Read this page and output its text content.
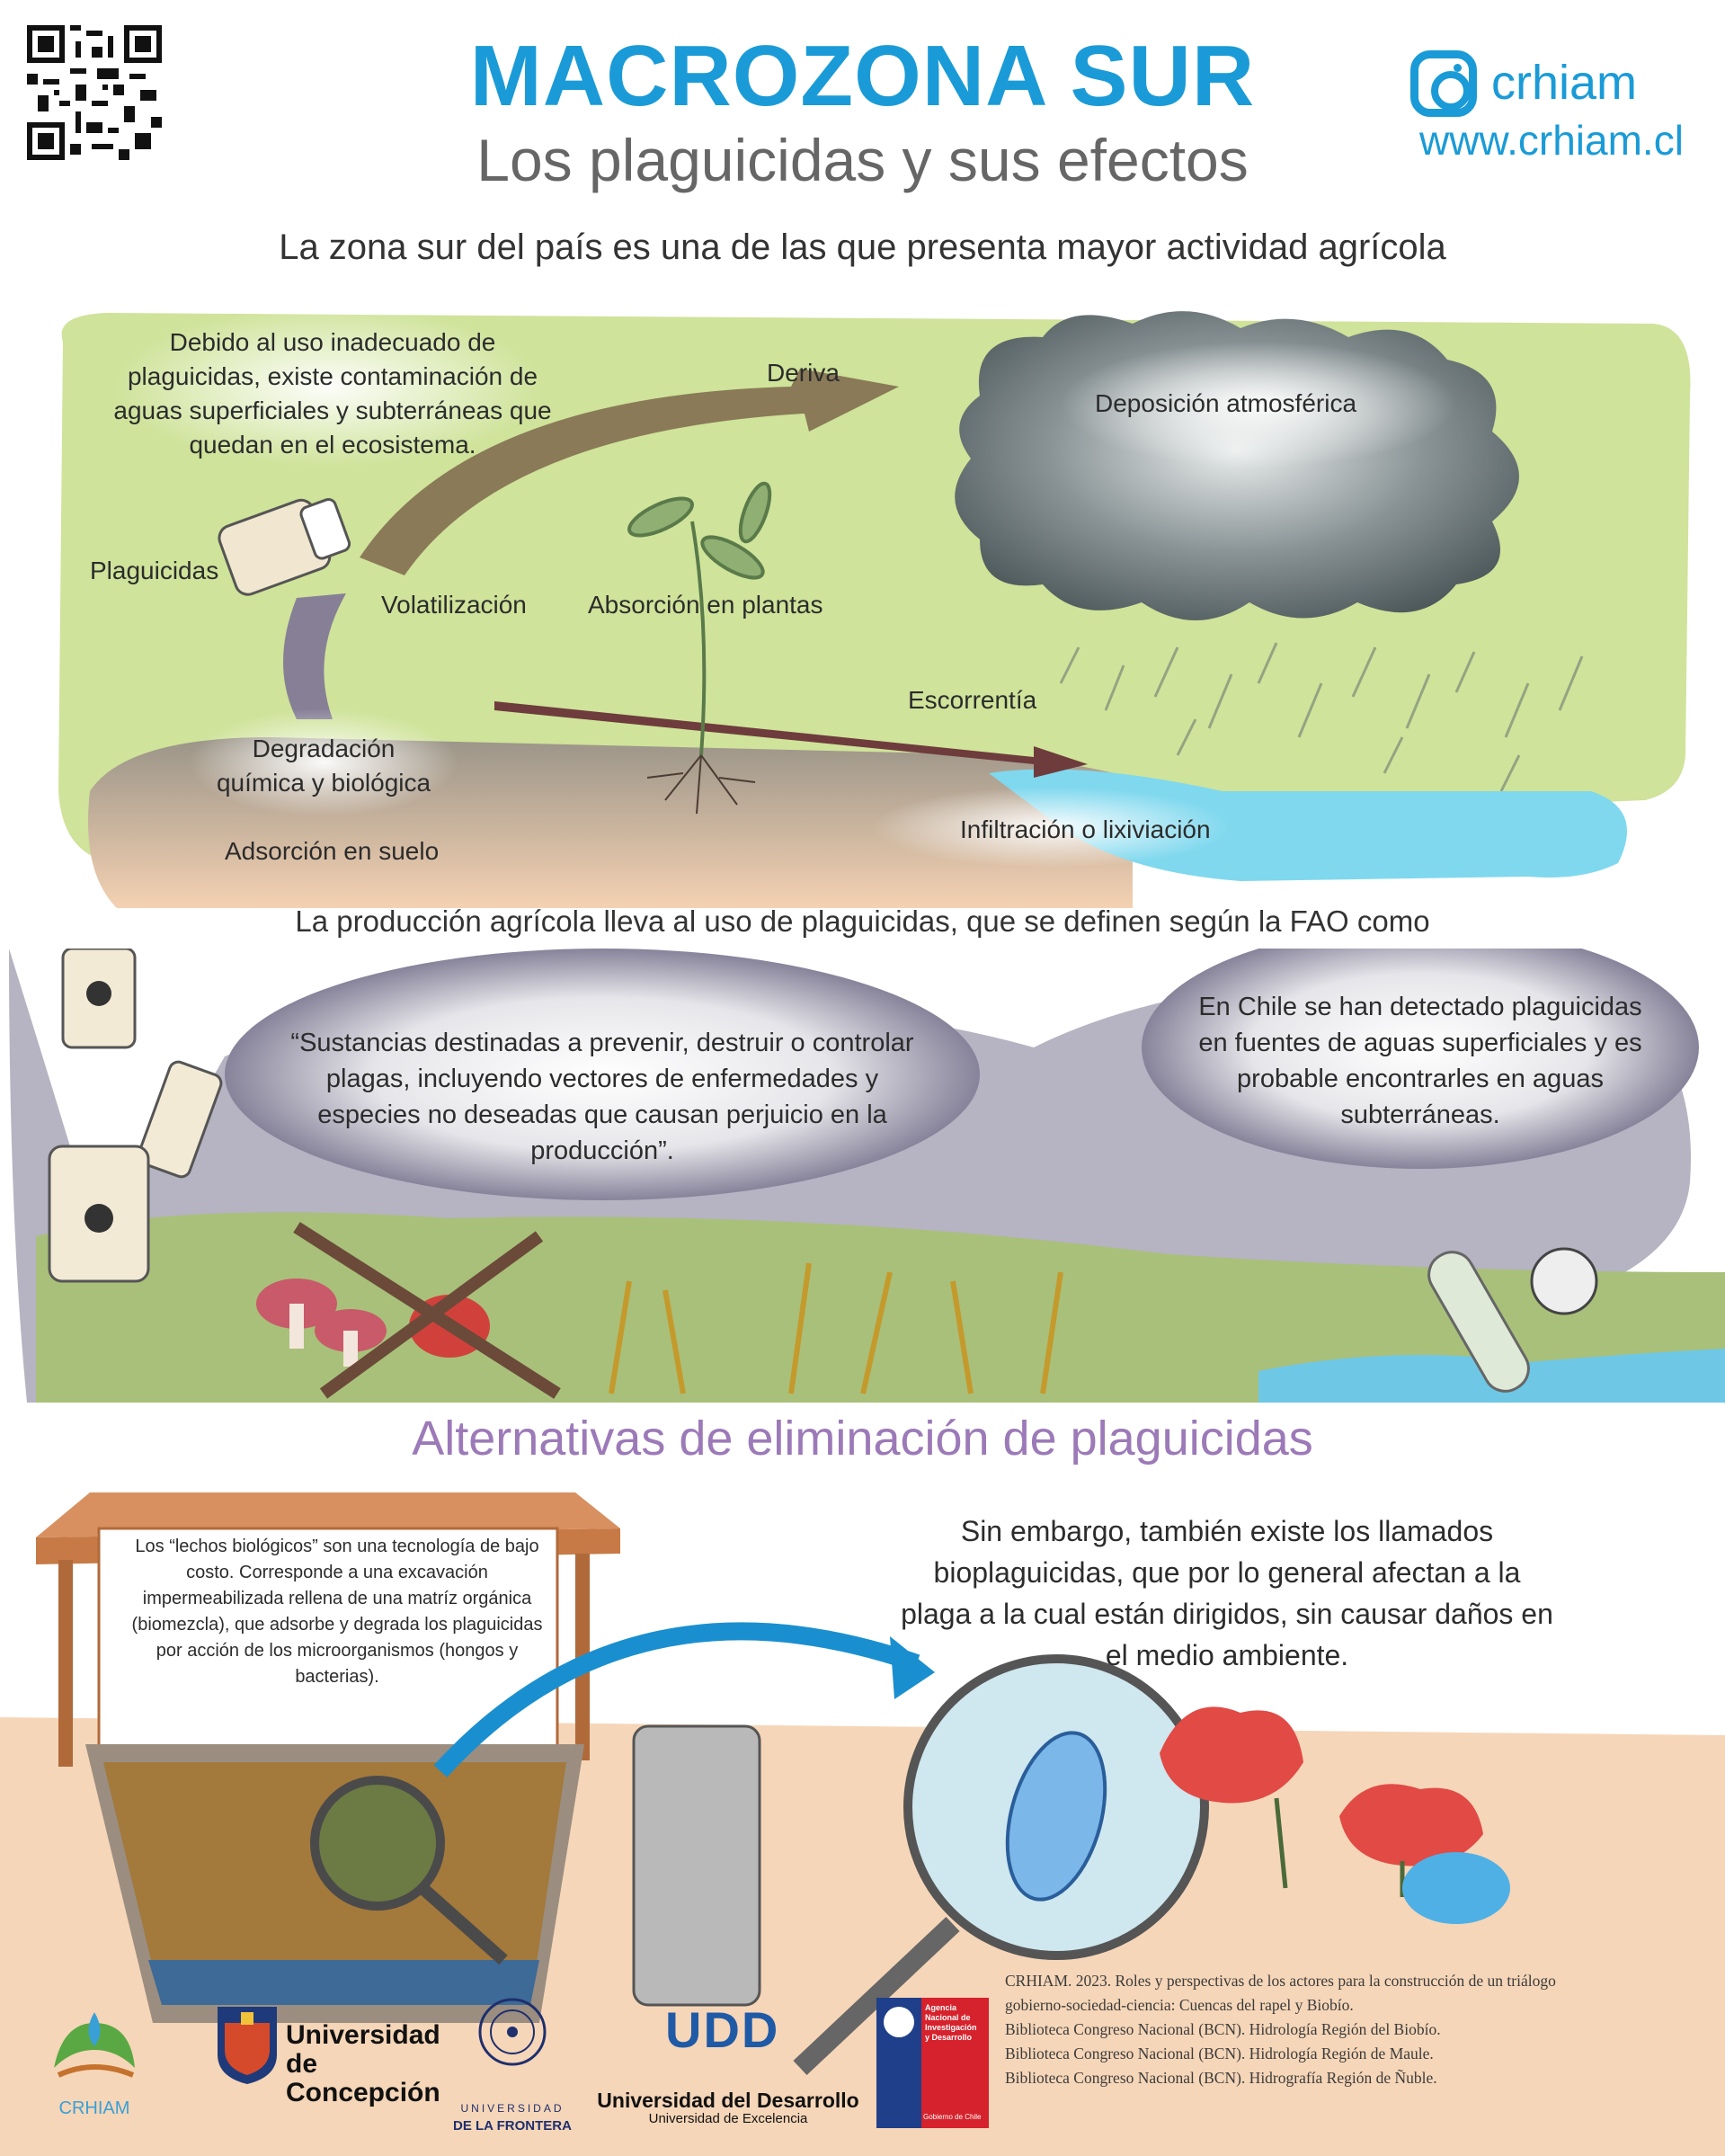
MACROZONA SUR
Los plaguicidas y sus efectos
crhiam
www.crhiam.cl
La zona sur del país es una de las que presenta mayor actividad agrícola
Debido al uso inadecuado de plaguicidas, existe contaminación de aguas superficiales y subterráneas que quedan en el ecosistema.
Deriva
Deposición atmosférica
Plaguicidas
Volatilización Absorción en plantas
Escorrentía
Degradación
química y biológica
Adsorción en suelo
Infiltración o lixiviación
La producción agrícola lleva al uso de plaguicidas, que se definen según la FAO como
“Sustancias destinadas a prevenir, destruir o controlar plagas, incluyendo vectores de enfermedades y especies no deseadas que causan perjuicio en la producción”.
En Chile se han detectado plaguicidas en fuentes de aguas superficiales y es probable encontrarles en aguas subterráneas.
Alternativas de eliminación de plaguicidas
Los “lechos biológicos” son una tecnología de bajo costo. Corresponde a una excavación impermeabilizada rellena de una matríz orgánica (biomezcla), que adsorbe y degrada los plaguicidas por acción de los microorganismos (hongos y bacterias).
Sin embargo, también existe los llamados bioplaguicidas, que por lo general afectan a la plaga a la cual están dirigidos, sin causar daños en el medio ambiente.
CRHIAM
Universidad
de Concepción
UNIVERSIDAD
DE LA FRONTERA
UDD
Universidad del Desarrollo
Universidad de Excelencia
Agencia
Nacional de
Investigación
y Desarrollo
Gobierno de Chile
CRHIAM. 2023. Roles y perspectivas de los actores para la construcción de un triálogo
gobierno-sociedad-ciencia: Cuencas del rapel y Biobío.
Biblioteca Congreso Nacional (BCN). Hidrología Región del Biobío.
Biblioteca Congreso Nacional (BCN). Hidrología Región de Maule.
Biblioteca Congreso Nacional (BCN). Hidrografía Región de Ñuble.
